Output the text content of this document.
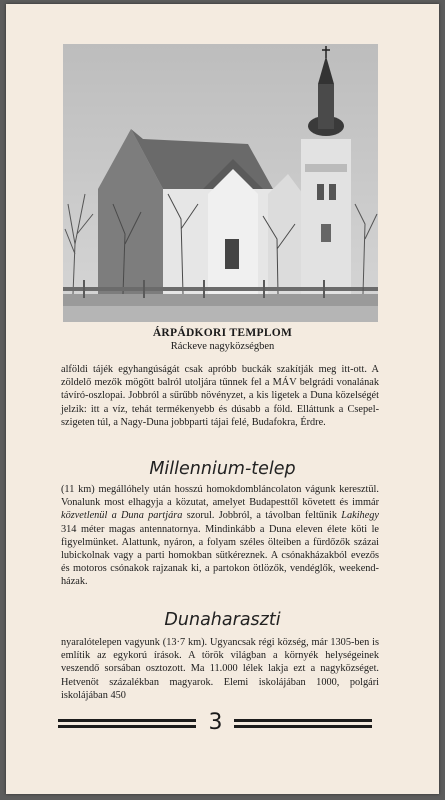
ÁRPÁDKORI TEMPLOM
Ráckeve nagyközségben

alföldi tájék egyhangúságát csak apróbb buckák szakítják meg itt-ott. A zöldelő mezők mögött balról utoljára tűnnek fel a MÁV belgrádi vonalának távíró-oszlopai. Jobbról a sűrűbb növényzet, a kis ligetek a Duna közelségét jelzik: itt a víz, tehát termékenyebb és dúsabb a föld. Elláttunk a Csepel-szigeten túl, a Nagy-Duna jobbparti tájai felé, Budafokra, Érdre.

Millennium-telep

(11 km) megállóhely után hosszú homokdombláncolaton vágunk keresztül. Vonalunk most elhagyja a közutat, amelyet Budapesttől követett és immár közvetlenül a Duna partjára szorul. Jobbról, a távolban feltűnik Lakihegy 314 méter magas antennatornya. Mindinkább a Duna eleven élete köti le figyelmünket. Alattunk, nyáron, a folyam széles ölteiben a fürdőzők százai lubickolnak vagy a parti homokban sütkéreznek. A csónakházakból evezős és motoros csónakok rajzanak ki, a partokon ötlözők, vendéglők, weekend-házak.

Dunaharaszti

nyaralótelepen vagyunk (13·7 km). Ugyancsak régi község, már 1305-ben is említik az egykorú írások. A török világban a környék helységeinek veszendő sorsában osztozott. Ma 11.000 lélek lakja ezt a nagyközséget. Hetvenöt százalékban magyarok. Elemi iskolájában 1000, polgári iskolájában 450

3
